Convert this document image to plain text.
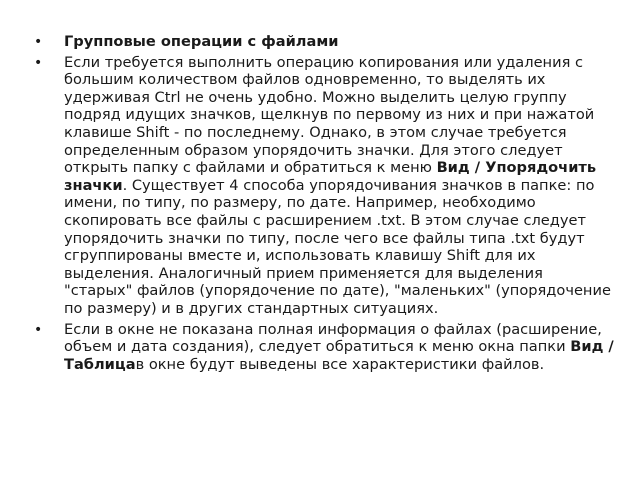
• Групповые операции с файлами
• Если требуется выполнить операцию копирования или удаления с большим количеством файлов одновременно, то выделять их удерживая Ctrl не очень удобно. Можно выделить целую группу подряд идущих значков, щелкнув по первому из них и при нажатой клавише Shift - по последнему. Однако, в этом случае требуется определенным образом упорядочить значки. Для этого следует открыть папку с файлами и обратиться к меню Вид / Упорядочить значки. Существует 4 способа упорядочивания значков в папке: по имени, по типу, по размеру, по дате. Например, необходимо скопировать все файлы с расширением .txt. В этом случае следует упорядочить значки по типу, после чего все файлы типа .txt будут сгруппированы вместе и, использовать клавишу Shift для их выделения. Аналогичный прием применяется для выделения "старых" файлов (упорядочение по дате), "маленьких" (упорядочение по размеру) и в других стандартных ситуациях.
• Если в окне не показана полная информация о файлах (расширение, объем и дата создания), следует обратиться к меню окна папки Вид / Таблицав окне будут выведены все характеристики файлов.
